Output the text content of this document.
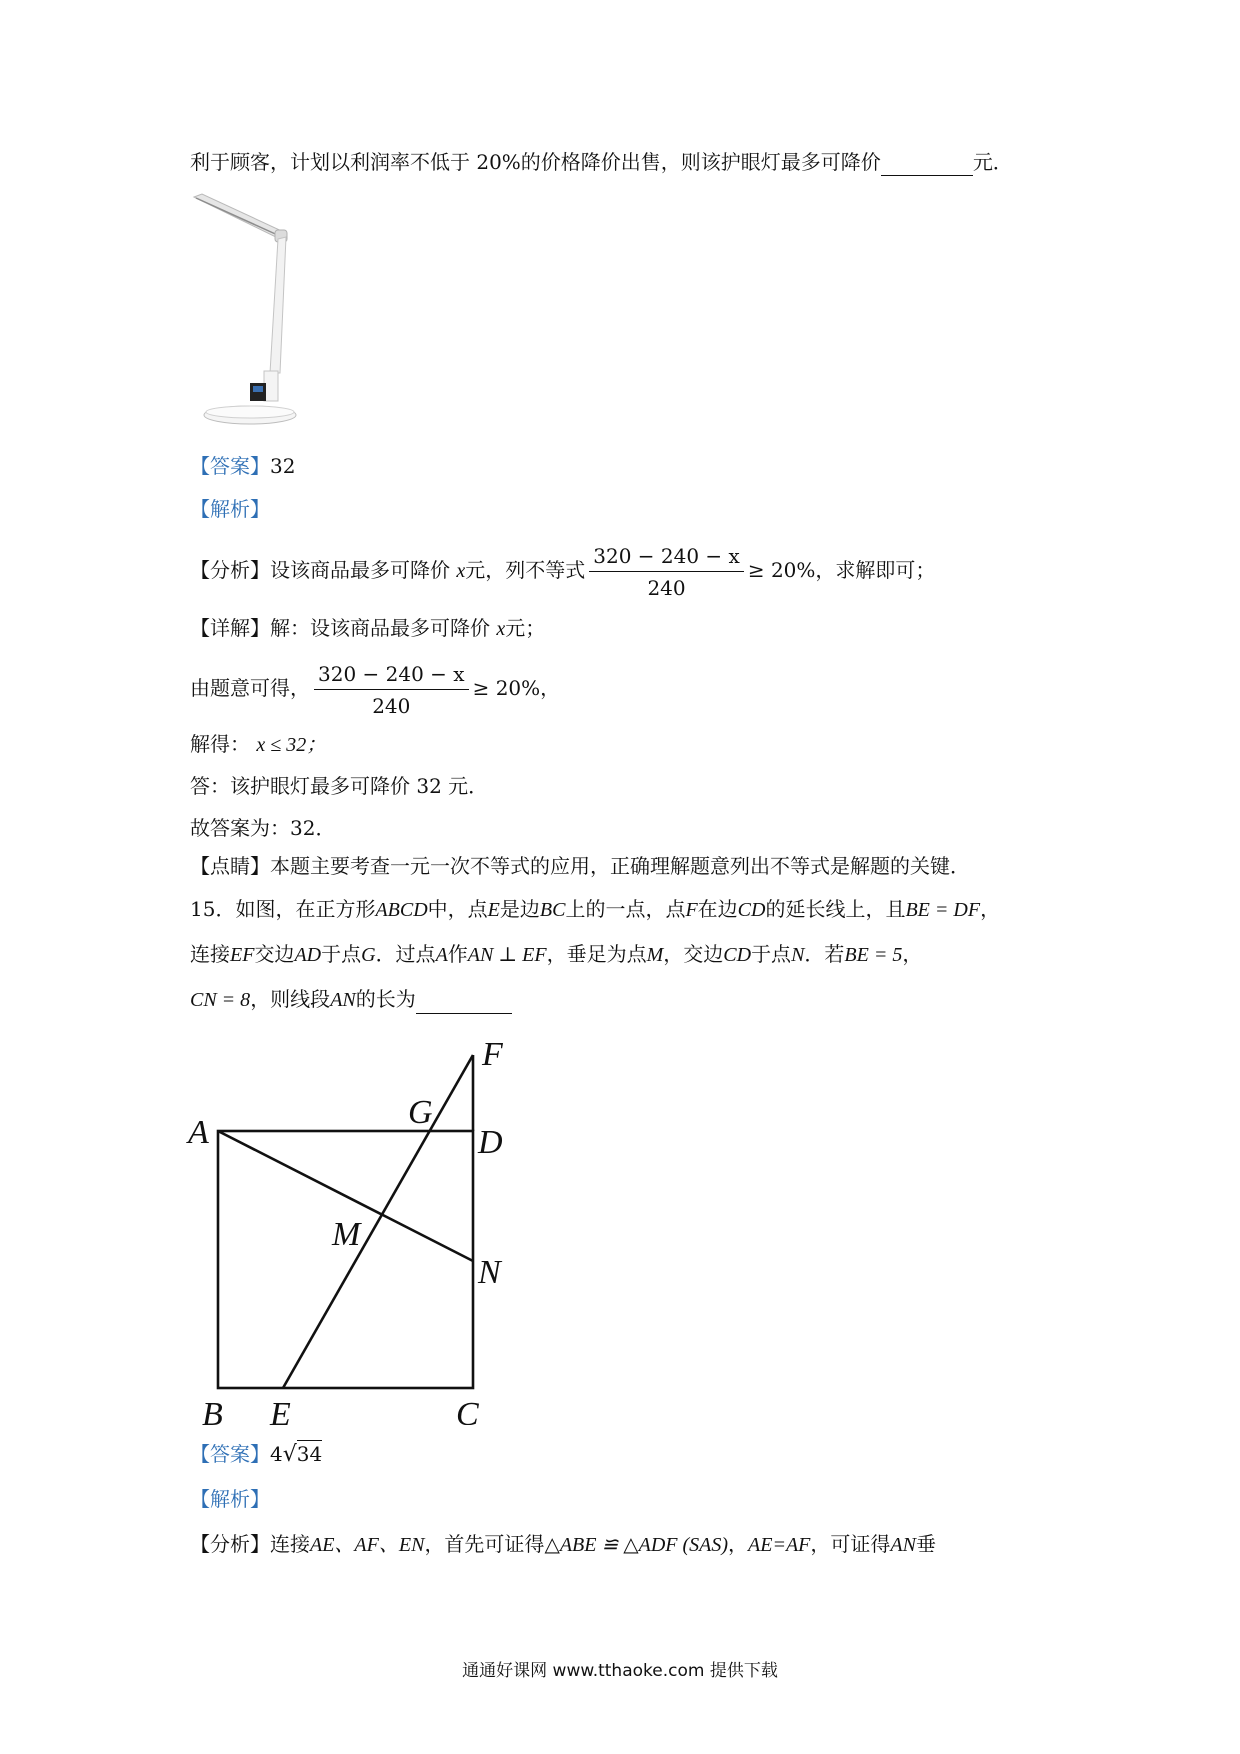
利于顾客，计划以利润率不低于 20%的价格降价出售，则该护眼灯最多可降价	元．
【答案】32
【解析】
【分析】设该商品最多可降价 x元，列不等式 $\frac{320 - 240 - x}{240} \ge 20\%$，求解即可；
【详解】解：设该商品最多可降价 x元；
由题意可得， $\frac{320 - 240 - x}{240} \ge 20\%$，
解得： x ≤ 32；
答：该护眼灯最多可降价 32 元．
故答案为：32．
【点睛】本题主要考查一元一次不等式的应用，正确理解题意列出不等式是解题的关键．
15．如图，在正方形ABCD中，点E是边BC上的一点，点F在边CD的延长线上，且BE = DF，
连接EF交边AD于点G．过点A作AN ⊥ EF，垂足为点M，交边CD于点N．若BE = 5，
CN = 8，则线段AN的长为
A
B	C
D
E
F
G
M
N
【答案】4√34
【解析】
【分析】连接AE、AF、EN，首先可证得△ABE ≌ △ADF (SAS)，AE=AF，可证得AN垂
通通好课网 www.tthaoke.com 提供下载
